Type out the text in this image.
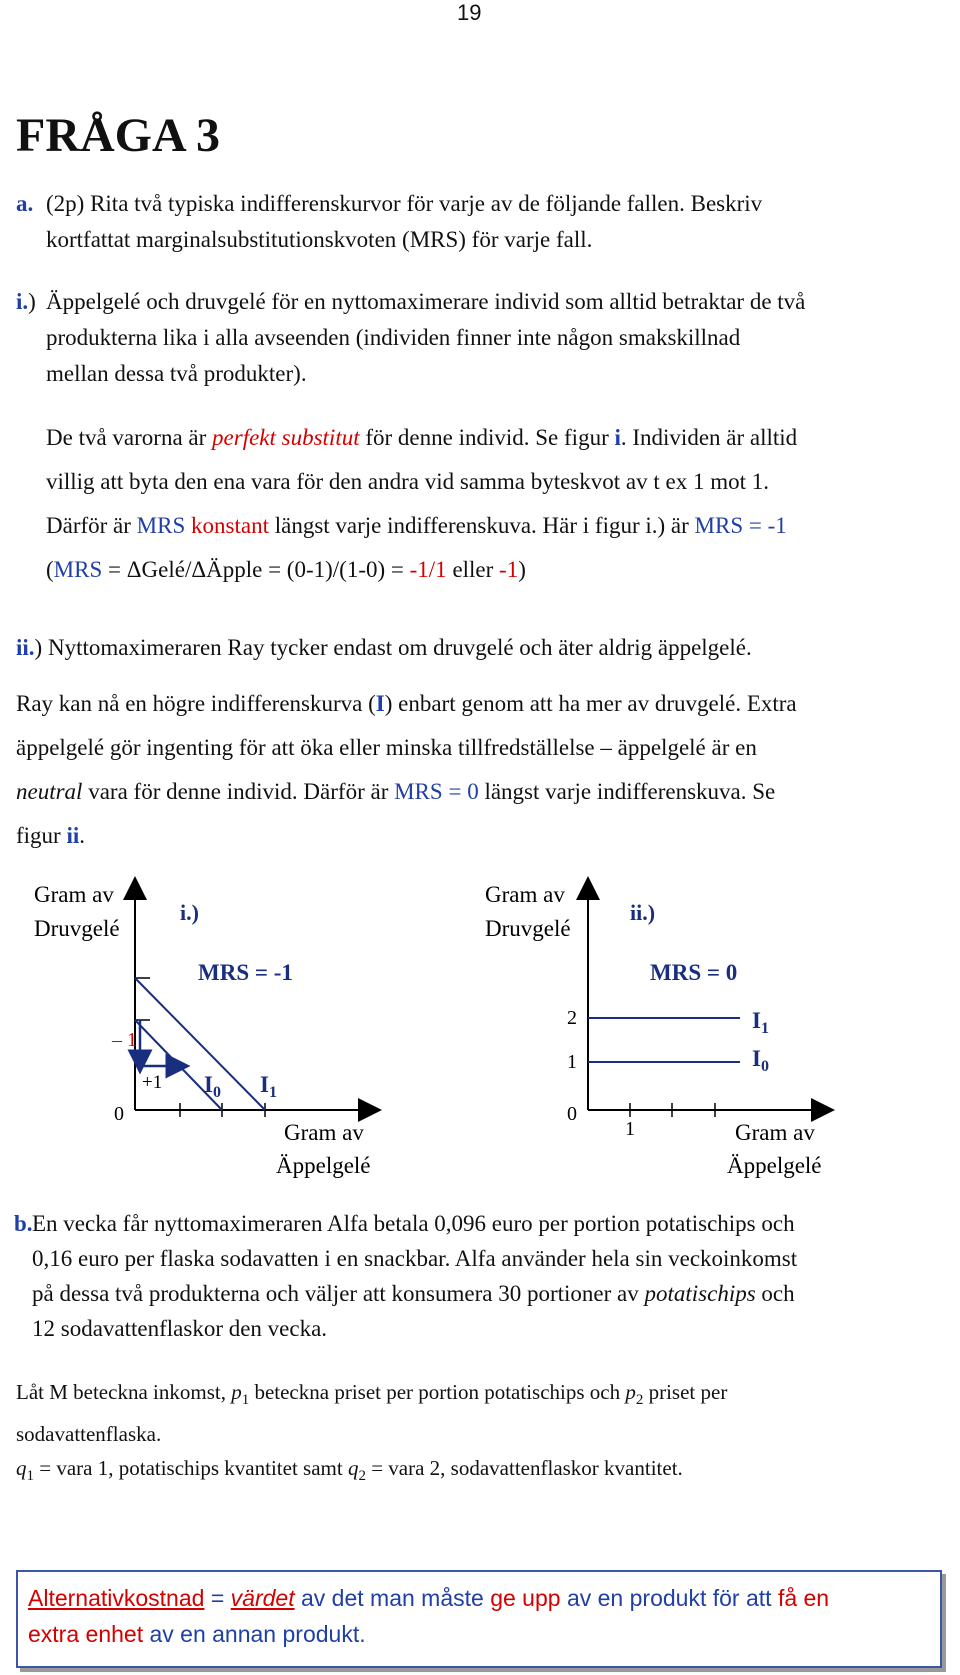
19
FRÅGA 3

a. (2p) Rita två typiska indifferenskurvor för varje av de följande fallen. Beskriv
kortfattat marginalsubstitutionskvoten (MRS) för varje fall.

i.) Äppelgelé och druvgelé för en nyttomaximerare individ som alltid betraktar de två
produkterna lika i alla avseenden (individen finner inte någon smakskillnad
mellan dessa två produkter).

De två varorna är perfekt substitut för denne individ. Se figur i. Individen är alltid
villig att byta den ena vara för den andra vid samma byteskvot av t ex 1 mot 1.
Därför är MRS konstant längst varje indifferenskuva. Här i figur i.) är MRS = -1
(MRS = ΔGelé/ΔÄpple = (0-1)/(1-0) = -1/1 eller -1)
ii.) Nyttomaximeraren Ray tycker endast om druvgelé och äter aldrig äppelgelé.
Ray kan nå en högre indifferenskurva (I) enbart genom att ha mer av druvgelé. Extra
äppelgelé gör ingenting för att öka eller minska tillfredställelse – äppelgelé är en
neutral vara för denne individ. Därför är MRS = 0 längst varje indifferenskuva. Se
figur ii.
Gram av
Druvgelé
i.)
MRS = -1
– 1
+1
0
$I_0$ $I_1$
Gram av
Äppelgelé
Gram av
Druvgelé
ii.)
MRS = 0
2
1
0
1
$I_1$
$I_0$
Gram av
Äppelgelé

b. En vecka får nyttomaximeraren Alfa betala 0,096 euro per portion potatischips och
0,16 euro per flaska sodavatten i en snackbar. Alfa använder hela sin veckoinkomst
på dessa två produkterna och väljer att konsumera 30 portioner av potatischips och
12 sodavattenflaskor den vecka.

Låt M beteckna inkomst, $p_1$ beteckna priset per portion potatischips och $p_2$ priset per
sodavattenflaska.
$q_1$ = vara 1, potatischips kvantitet samt $q_2$ = vara 2, sodavattenflaskor kvantitet.
Alternativkostnad = värdet av det man måste ge upp av en produkt för att få en
extra enhet av en annan produkt.
